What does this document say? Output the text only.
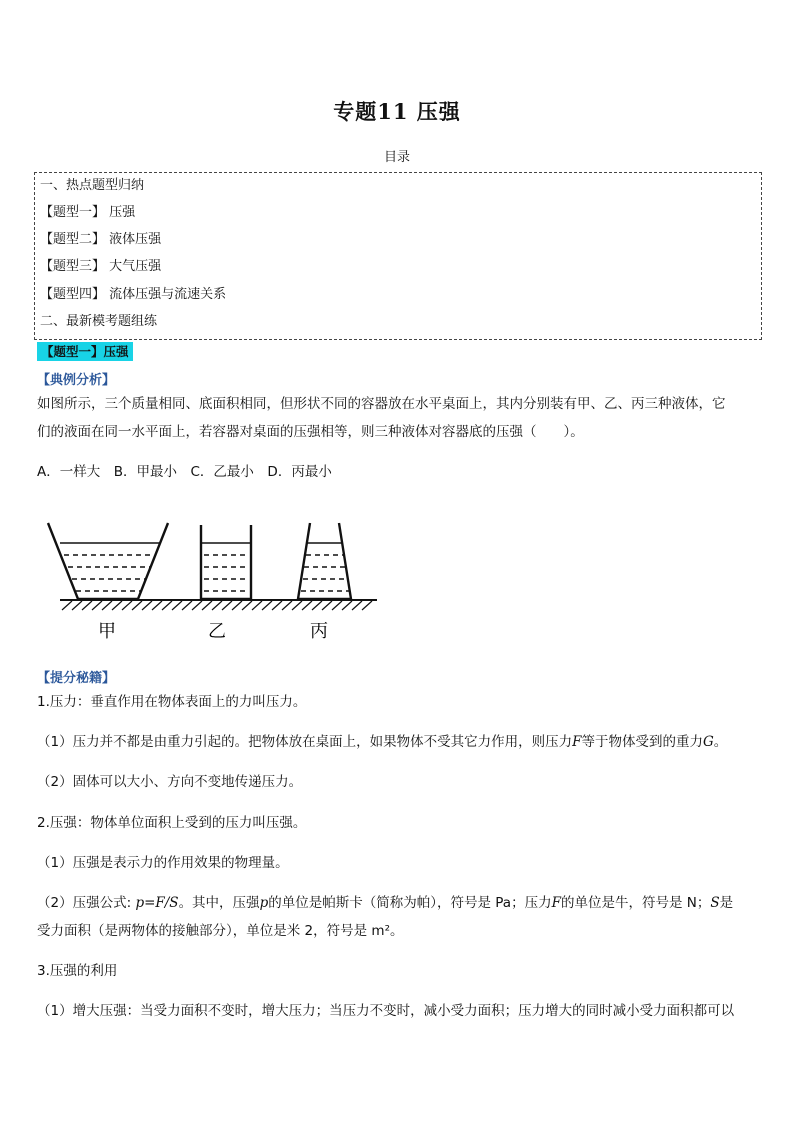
专题11 压强
目录
一、热点题型归纳
【题型一】 压强
【题型二】 液体压强
【题型三】 大气压强
【题型四】 流体压强与流速关系
二、最新模考题组练
【题型一】压强
【典例分析】
如图所示，三个质量相同、底面积相同，但形状不同的容器放在水平桌面上，其内分别装有甲、乙、丙三种液体，它
们的液面在同一水平面上，若容器对桌面的压强相等，则三种液体对容器底的压强（　　）。
A．一样大　B．甲最小　C．乙最小　D．丙最小
甲	乙	丙
【提分秘籍】
1.压力：垂直作用在物体表面上的力叫压力。
（1）压力并不都是由重力引起的。把物体放在桌面上，如果物体不受其它力作用，则压力F等于物体受到的重力G。
（2）固体可以大小、方向不变地传递压力。
2.压强：物体单位面积上受到的压力叫压强。
（1）压强是表示力的作用效果的物理量。
（2）压强公式: p=F/S。其中，压强p的单位是帕斯卡（简称为帕），符号是 Pa；压力F的单位是牛，符号是 N；S是
受力面积（是两物体的接触部分），单位是米 2，符号是 m²。
3.压强的利用
（1）增大压强：当受力面积不变时，增大压力；当压力不变时，减小受力面积；压力增大的同时减小受力面积都可以
